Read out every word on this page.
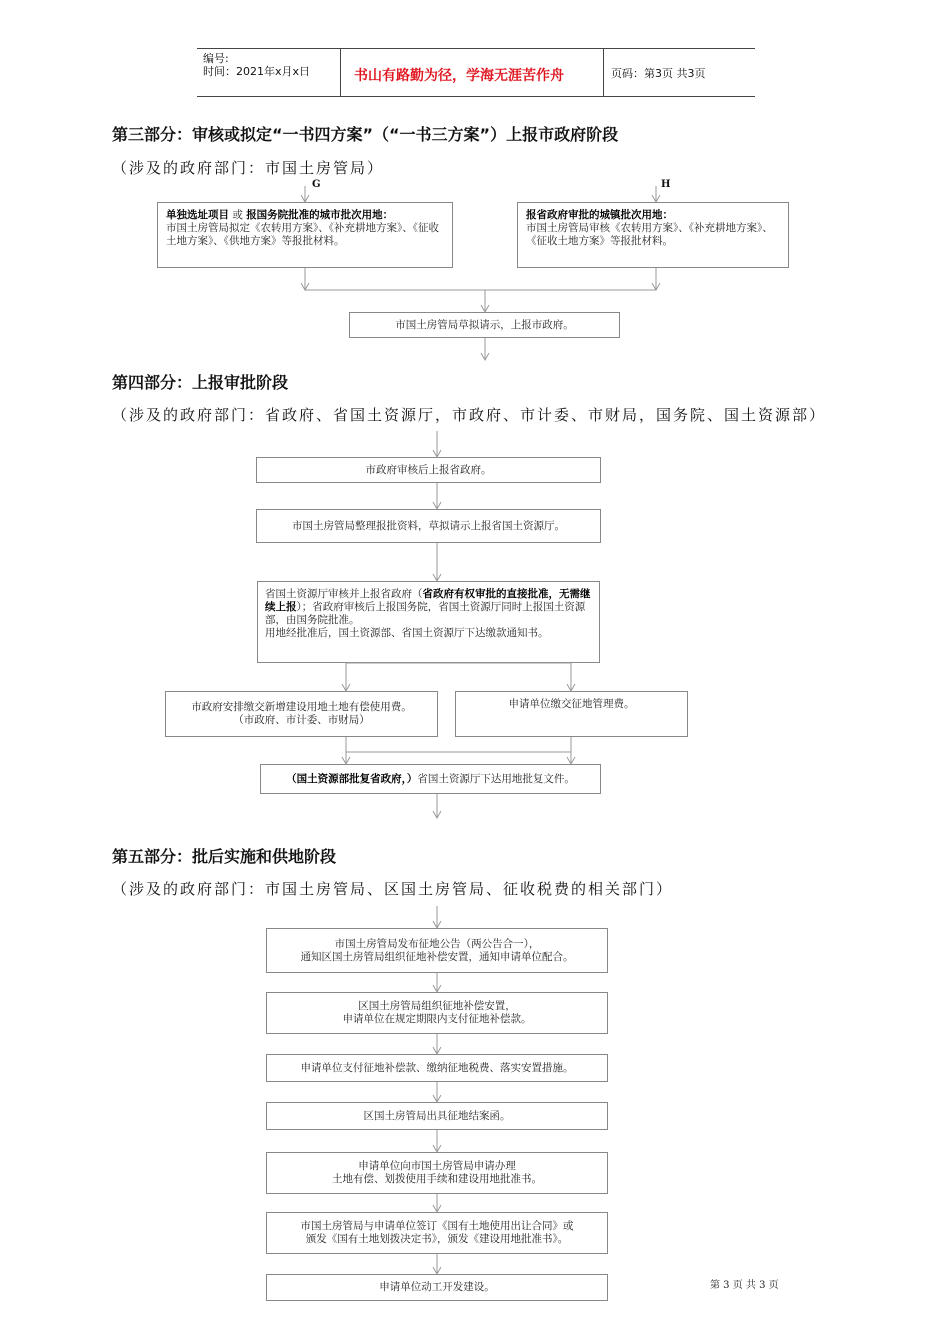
编号:
时间：2021年x月x日	书山有路勤为径，学海无涯苦作舟	页码：第3页 共3页
第三部分：审核或拟定“一书四方案”（“一书三方案”）上报市政府阶段
（涉及的政府部门：市国土房管局）
G	H
单独选址项目 或 报国务院批准的城市批次用地：
市国土房管局拟定《农转用方案》、《补充耕地方案》、《征收土地方案》、《供地方案》等报批材料。
报省政府审批的城镇批次用地：
市国土房管局审核《农转用方案》、《补充耕地方案》、《征收土地方案》等报批材料。
市国土房管局草拟请示，上报市政府。
第四部分：上报审批阶段
（涉及的政府部门：省政府、省国土资源厅，市政府、市计委、市财局，国务院、国土资源部）
市政府审核后上报省政府。
市国土房管局整理报批资料，草拟请示上报省国土资源厅。
省国土资源厅审核并上报省政府（省政府有权审批的直接批准，无需继续上报）；省政府审核后上报国务院，省国土资源厅同时上报国土资源部，由国务院批准。
用地经批准后，国土资源部、省国土资源厅下达缴款通知书。
市政府安排缴交新增建设用地土地有偿使用费。
（市政府、市计委、市财局）
申请单位缴交征地管理费。
（国土资源部批复省政府，）省国土资源厅下达用地批复文件。
第五部分：批后实施和供地阶段
（涉及的政府部门：市国土房管局、区国土房管局、征收税费的相关部门）
市国土房管局发布征地公告（两公告合一），
通知区国土房管局组织征地补偿安置，通知申请单位配合。
区国土房管局组织征地补偿安置，
申请单位在规定期限内支付征地补偿款。
申请单位支付征地补偿款、缴纳征地税费、落实安置措施。
区国土房管局出具征地结案函。
申请单位向市国土房管局申请办理
土地有偿、划拨使用手续和建设用地批准书。
市国土房管局与申请单位签订《国有土地使用出让合同》或
颁发《国有土地划拨决定书》，颁发《建设用地批准书》。
申请单位动工开发建设。	第 3 页 共 3 页
